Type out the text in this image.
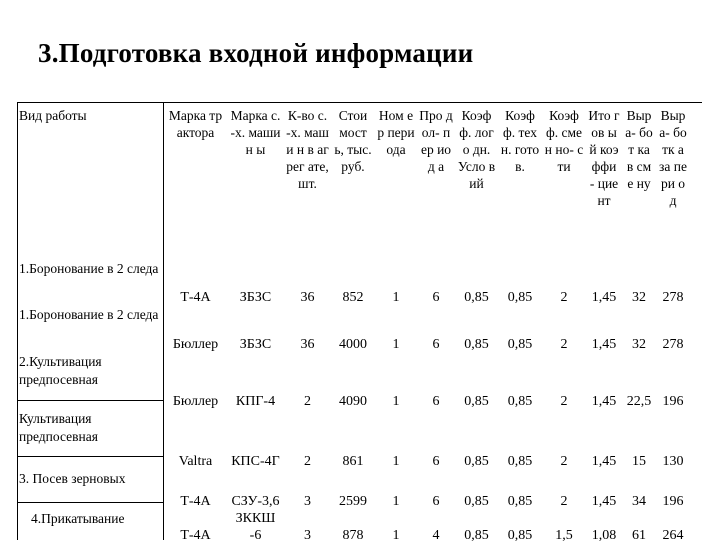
3.Подготовка входной информации
Вид работы	Марка трактора	Марка с.-х. машин ы	К-во с.-х. маши н в агрег ате, шт.	Стои мост ь, тыс. руб.	Ном ер пери ода	Про дол- пер иод а	Коэф ф. лого дн. Усло вий	Коэф ф. техн. готов.	Коэф ф. смен но- сти	Ито гов ый коэ ффи - цие нт	Выр а- бот ка в сме ну	Выр а- ботк а за пери од
1.Боронование в 2 следа	Т-4А	ЗБЗС	36	852	1	6	0,85	0,85	2	1,45	32	278
1.Боронование в 2 следа	Бюллер	ЗБЗС	36	4000	1	6	0,85	0,85	2	1,45	32	278
2.Культивация предпосевная	Бюллер	КПГ-4	2	4090	1	6	0,85	0,85	2	1,45	22,5	196
Культивация предпосевная	Valtra	КПС-4Г	2	861	1	6	0,85	0,85	2	1,45	15	130
3. Посев зерновых	Т-4А	СЗУ-3,6	3	2599	1	6	0,85	0,85	2	1,45	34	196
4.Прикатывание	Т-4А	ЗККШ -6	3	878	1	4	0,85	0,85	1,5	1,08	61	264
